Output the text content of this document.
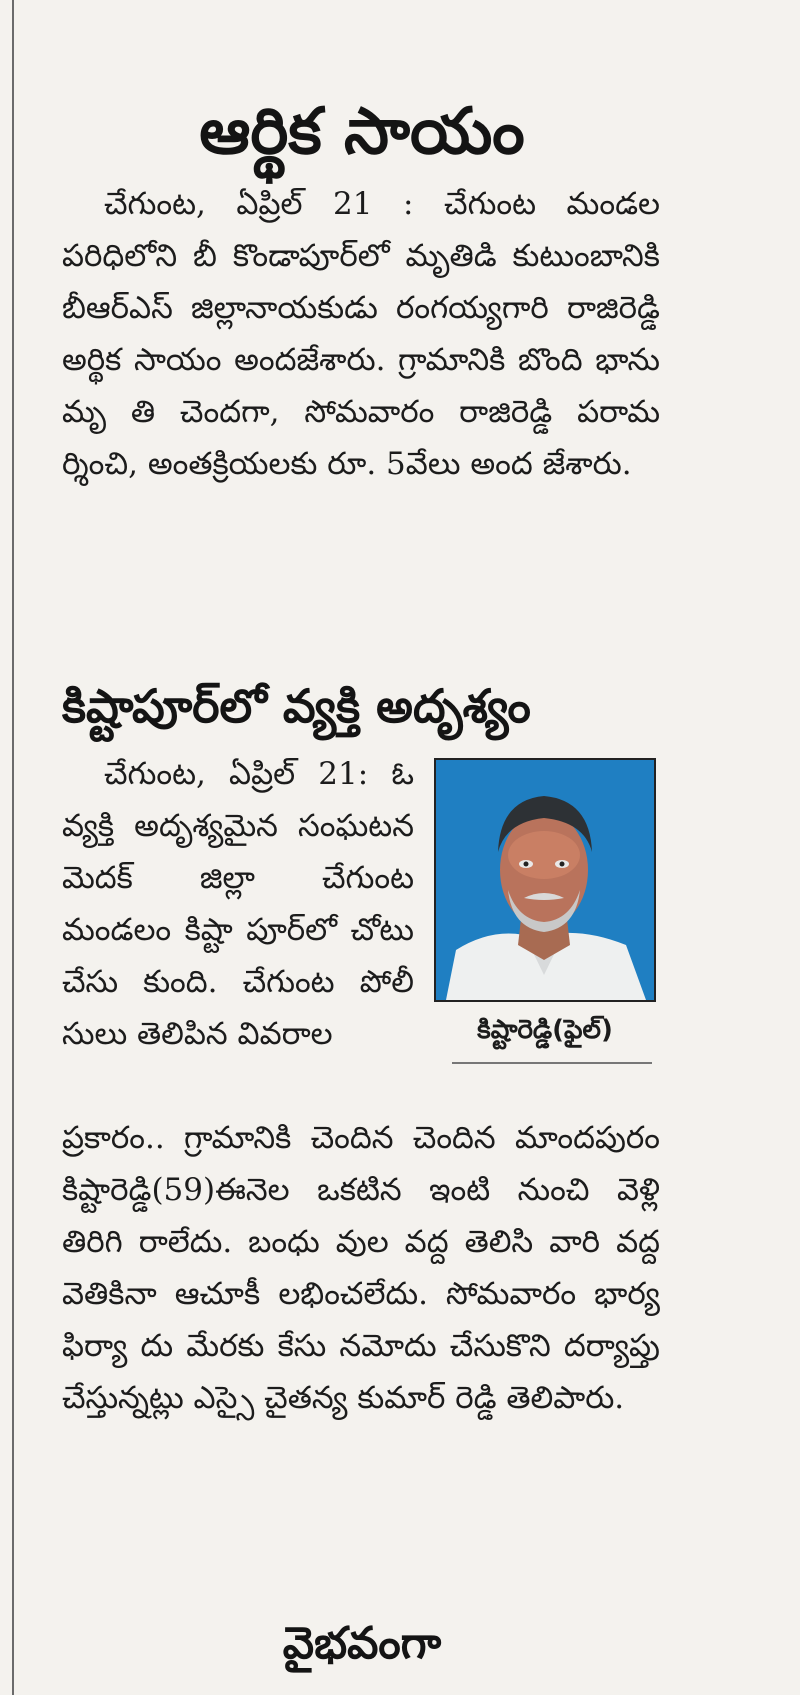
ఆర్థిక సాయం

చేగుంట, ఏప్రిల్ 21 : చేగుంట మండల పరిధిలోని బీ కొండాపూర్‌లో మృతిడి కుటుంబానికి బీఆర్ఎస్ జిల్లానాయకుడు రంగయ్యగారి రాజిరెడ్డి అర్థిక సాయం అందజేశారు. గ్రామానికి బొంది భాను మృ తి చెందగా, సోమవారం రాజిరెడ్డి పరామ ర్శించి, అంతక్రియలకు రూ. 5వేలు అంద జేశారు.

కిష్టాపూర్‌లో వ్యక్తి అదృశ్యం

చేగుంట, ఏప్రిల్ 21: ఓ వ్యక్తి అదృశ్యమైన సంఘటన మెదక్ జిల్లా చేగుంట మండలం కిష్టా పూర్‌లో చోటు చేసు కుంది. చేగుంట పోలీ సులు తెలిపిన వివరాల	కిష్టారెడ్డి(ఫైల్)

ప్రకారం.. గ్రామానికి చెందిన చెందిన మాందపురం కిష్టారెడ్డి(59)ఈనెల ఒకటిన ఇంటి నుంచి వెళ్లి తిరిగి రాలేదు. బంధు వుల వద్ద తెలిసి వారి వద్ద వెతికినా ఆచూకీ లభించలేదు. సోమవారం భార్య ఫిర్యా దు మేరకు కేసు నమోదు చేసుకొని దర్యాప్తు చేస్తున్నట్లు ఎస్సై చైతన్య కుమార్ రెడ్డి తెలిపారు.

వైభవంగా
